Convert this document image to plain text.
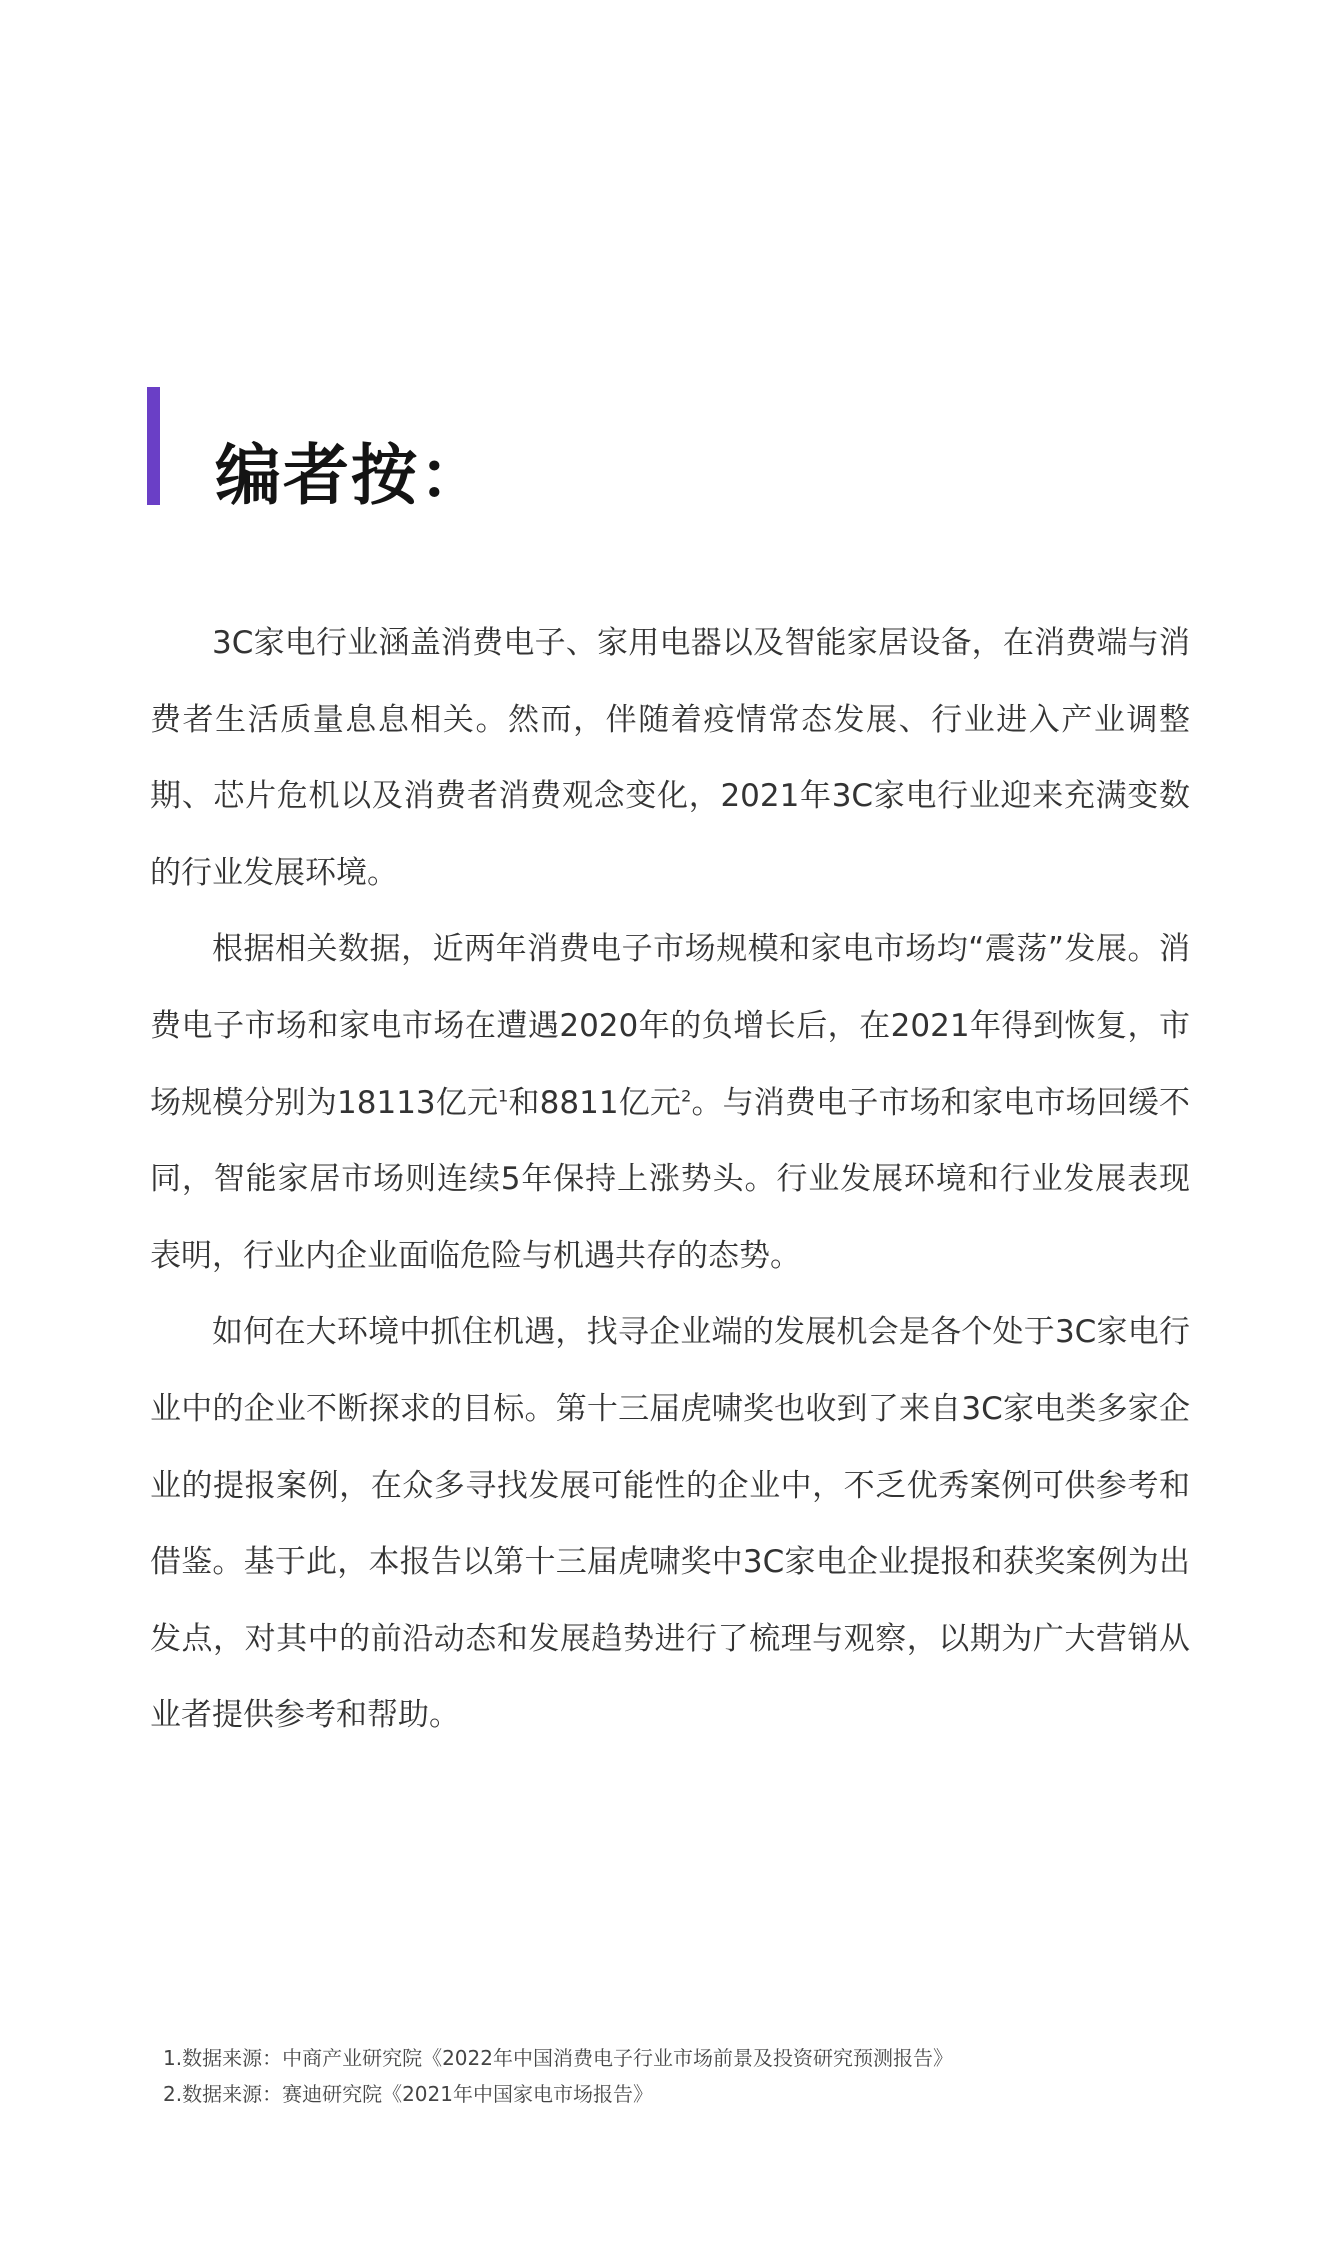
编者按：

3C家电行业涵盖消费电子、家用电器以及智能家居设备，在消费端与消费者生活质量息息相关。然而，伴随着疫情常态发展、行业进入产业调整期、芯片危机以及消费者消费观念变化，2021年3C家电行业迎来充满变数的行业发展环境。

根据相关数据，近两年消费电子市场规模和家电市场均“震荡”发展。消费电子市场和家电市场在遭遇2020年的负增长后，在2021年得到恢复，市场规模分别为18113亿元$^1$和8811亿元$^2$。与消费电子市场和家电市场回缓不同，智能家居市场则连续5年保持上涨势头。行业发展环境和行业发展表现表明，行业内企业面临危险与机遇共存的态势。

如何在大环境中抓住机遇，找寻企业端的发展机会是各个处于3C家电行业中的企业不断探求的目标。第十三届虎啸奖也收到了来自3C家电类多家企业的提报案例，在众多寻找发展可能性的企业中，不乏优秀案例可供参考和借鉴。基于此，本报告以第十三届虎啸奖中3C家电企业提报和获奖案例为出发点，对其中的前沿动态和发展趋势进行了梳理与观察，以期为广大营销从业者提供参考和帮助。

1.数据来源：中商产业研究院《2022年中国消费电子行业市场前景及投资研究预测报告》

2.数据来源：赛迪研究院《2021年中国家电市场报告》
